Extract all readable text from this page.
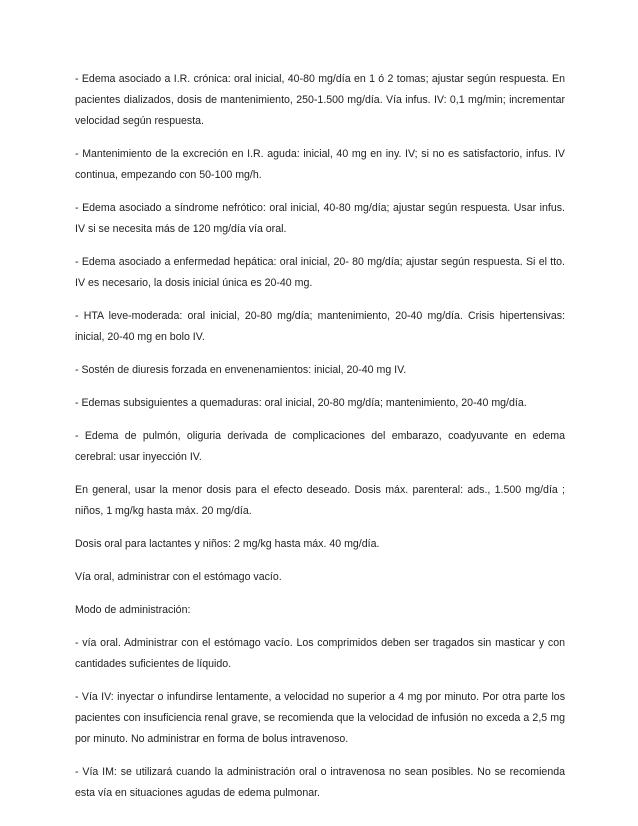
- Edema asociado a I.R. crónica: oral inicial, 40-80 mg/día en 1 ó 2 tomas; ajustar según respuesta. En pacientes dializados, dosis de mantenimiento, 250-1.500 mg/día. Vía infus. IV: 0,1 mg/min; incrementar velocidad según respuesta.

- Mantenimiento de la excreción en I.R. aguda: inicial, 40 mg en iny. IV; si no es satisfactorio, infus. IV continua, empezando con 50-100 mg/h.

- Edema asociado a síndrome nefrótico: oral inicial, 40-80 mg/día; ajustar según respuesta. Usar infus. IV si se necesita más de 120 mg/día vía oral.

- Edema asociado a enfermedad hepática: oral inicial, 20- 80 mg/día; ajustar según respuesta. Si el tto. IV es necesario, la dosis inicial única es 20-40 mg.

- HTA leve-moderada: oral inicial, 20-80 mg/día; mantenimiento, 20-40 mg/día. Crisis hipertensivas: inicial, 20-40 mg en bolo IV.

- Sostén de diuresis forzada en envenenamientos: inicial, 20-40 mg IV.

- Edemas subsiguientes a quemaduras: oral inicial, 20-80 mg/día; mantenimiento, 20-40 mg/día.

- Edema de pulmón, oliguria derivada de complicaciones del embarazo, coadyuvante en edema cerebral: usar inyección IV.

En general, usar la menor dosis para el efecto deseado. Dosis máx. parenteral: ads., 1.500 mg/día ; niños, 1 mg/kg hasta máx. 20 mg/día.

Dosis oral para lactantes y niños: 2 mg/kg hasta máx. 40 mg/día.

Vía oral, administrar con el estómago vacío.

Modo de administración:

- vía oral. Administrar con el estómago vacío. Los comprimidos deben ser tragados sin masticar y con cantidades suficientes de líquido.

- Vía IV: inyectar o infundirse lentamente, a velocidad no superior a 4 mg por minuto. Por otra parte los pacientes con insuficiencia renal grave, se recomienda que la velocidad de infusión no exceda a 2,5 mg por minuto. No administrar en forma de bolus intravenoso.

- Vía IM: se utilizará cuando la administración oral o intravenosa no sean posibles. No se recomienda esta vía en situaciones agudas de edema pulmonar.
